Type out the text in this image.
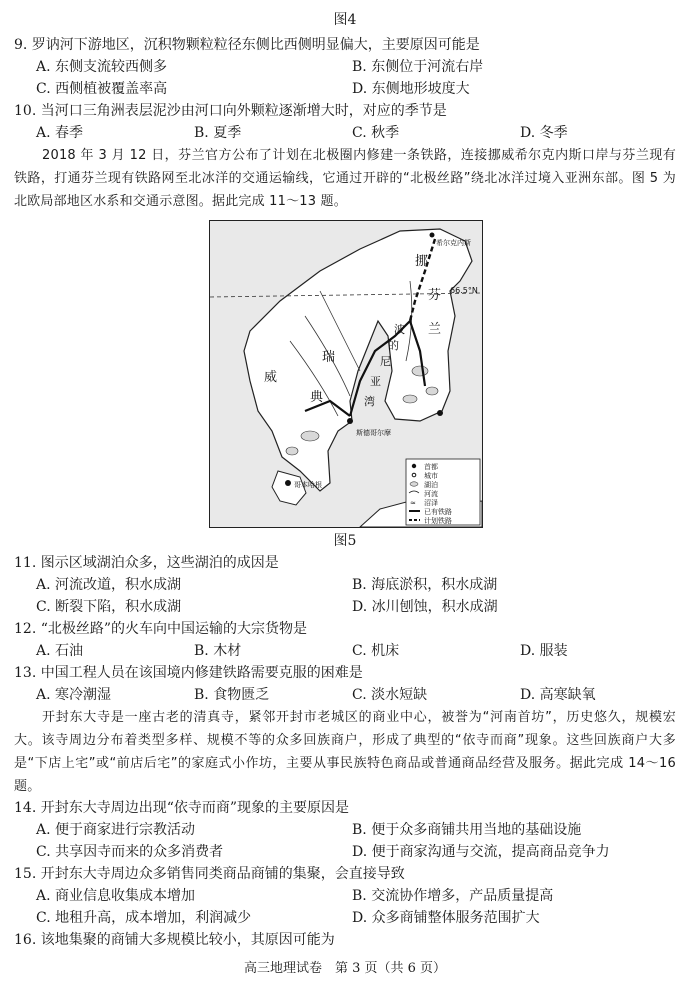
图4
9. 罗讷河下游地区，沉积物颗粒粒径东侧比西侧明显偏大，主要原因可能是
A. 东侧支流较西侧多	B. 东侧位于河流右岸
C. 西侧植被覆盖率高	D. 东侧地形坡度大
10. 当河口三角洲表层泥沙由河口向外颗粒逐渐增大时，对应的季节是
A. 春季	B. 夏季	C. 秋季	D. 冬季
2018 年 3 月 12 日，芬兰官方公布了计划在北极圈内修建一条铁路，连接挪威希尔克内斯口岸与芬兰现有铁路，打通芬兰现有铁路网至北冰洋的交通运输线，它通过开辟的“北极丝路”绕北冰洋过境入亚洲东部。图 5 为北欧局部地区水系和交通示意图。据此完成 11～13 题。
挪
威
芬
兰
瑞
典
波
的
尼
亚
湾
希尔克内斯
66.5°N
斯德哥尔摩
哥本哈根
首都
城市
湖泊
河流
≈ 沼泽
已有铁路
计划铁路
图5
11. 图示区域湖泊众多，这些湖泊的成因是
A. 河流改道，积水成湖	B. 海底淤积，积水成湖
C. 断裂下陷，积水成湖	D. 冰川刨蚀，积水成湖
12. “北极丝路”的火车向中国运输的大宗货物是
A. 石油	B. 木材	C. 机床	D. 服装
13. 中国工程人员在该国境内修建铁路需要克服的困难是
A. 寒冷潮湿	B. 食物匮乏	C. 淡水短缺	D. 高寒缺氧
开封东大寺是一座古老的清真寺，紧邻开封市老城区的商业中心，被誉为“河南首坊”，历史悠久，规模宏大。该寺周边分布着类型多样、规模不等的众多回族商户，形成了典型的“依寺而商”现象。这些回族商户大多是“下店上宅”或“前店后宅”的家庭式小作坊，主要从事民族特色商品或普通商品经营及服务。据此完成 14～16 题。
14. 开封东大寺周边出现“依寺而商”现象的主要原因是
A. 便于商家进行宗教活动	B. 便于众多商铺共用当地的基础设施
C. 共享因寺而来的众多消费者	D. 便于商家沟通与交流，提高商品竞争力
15. 开封东大寺周边众多销售同类商品商铺的集聚，会直接导致
A. 商业信息收集成本增加	B. 交流协作增多，产品质量提高
C. 地租升高，成本增加，利润减少	D. 众多商铺整体服务范围扩大
16. 该地集聚的商铺大多规模比较小，其原因可能为
高三地理试卷　第 3 页（共 6 页）
